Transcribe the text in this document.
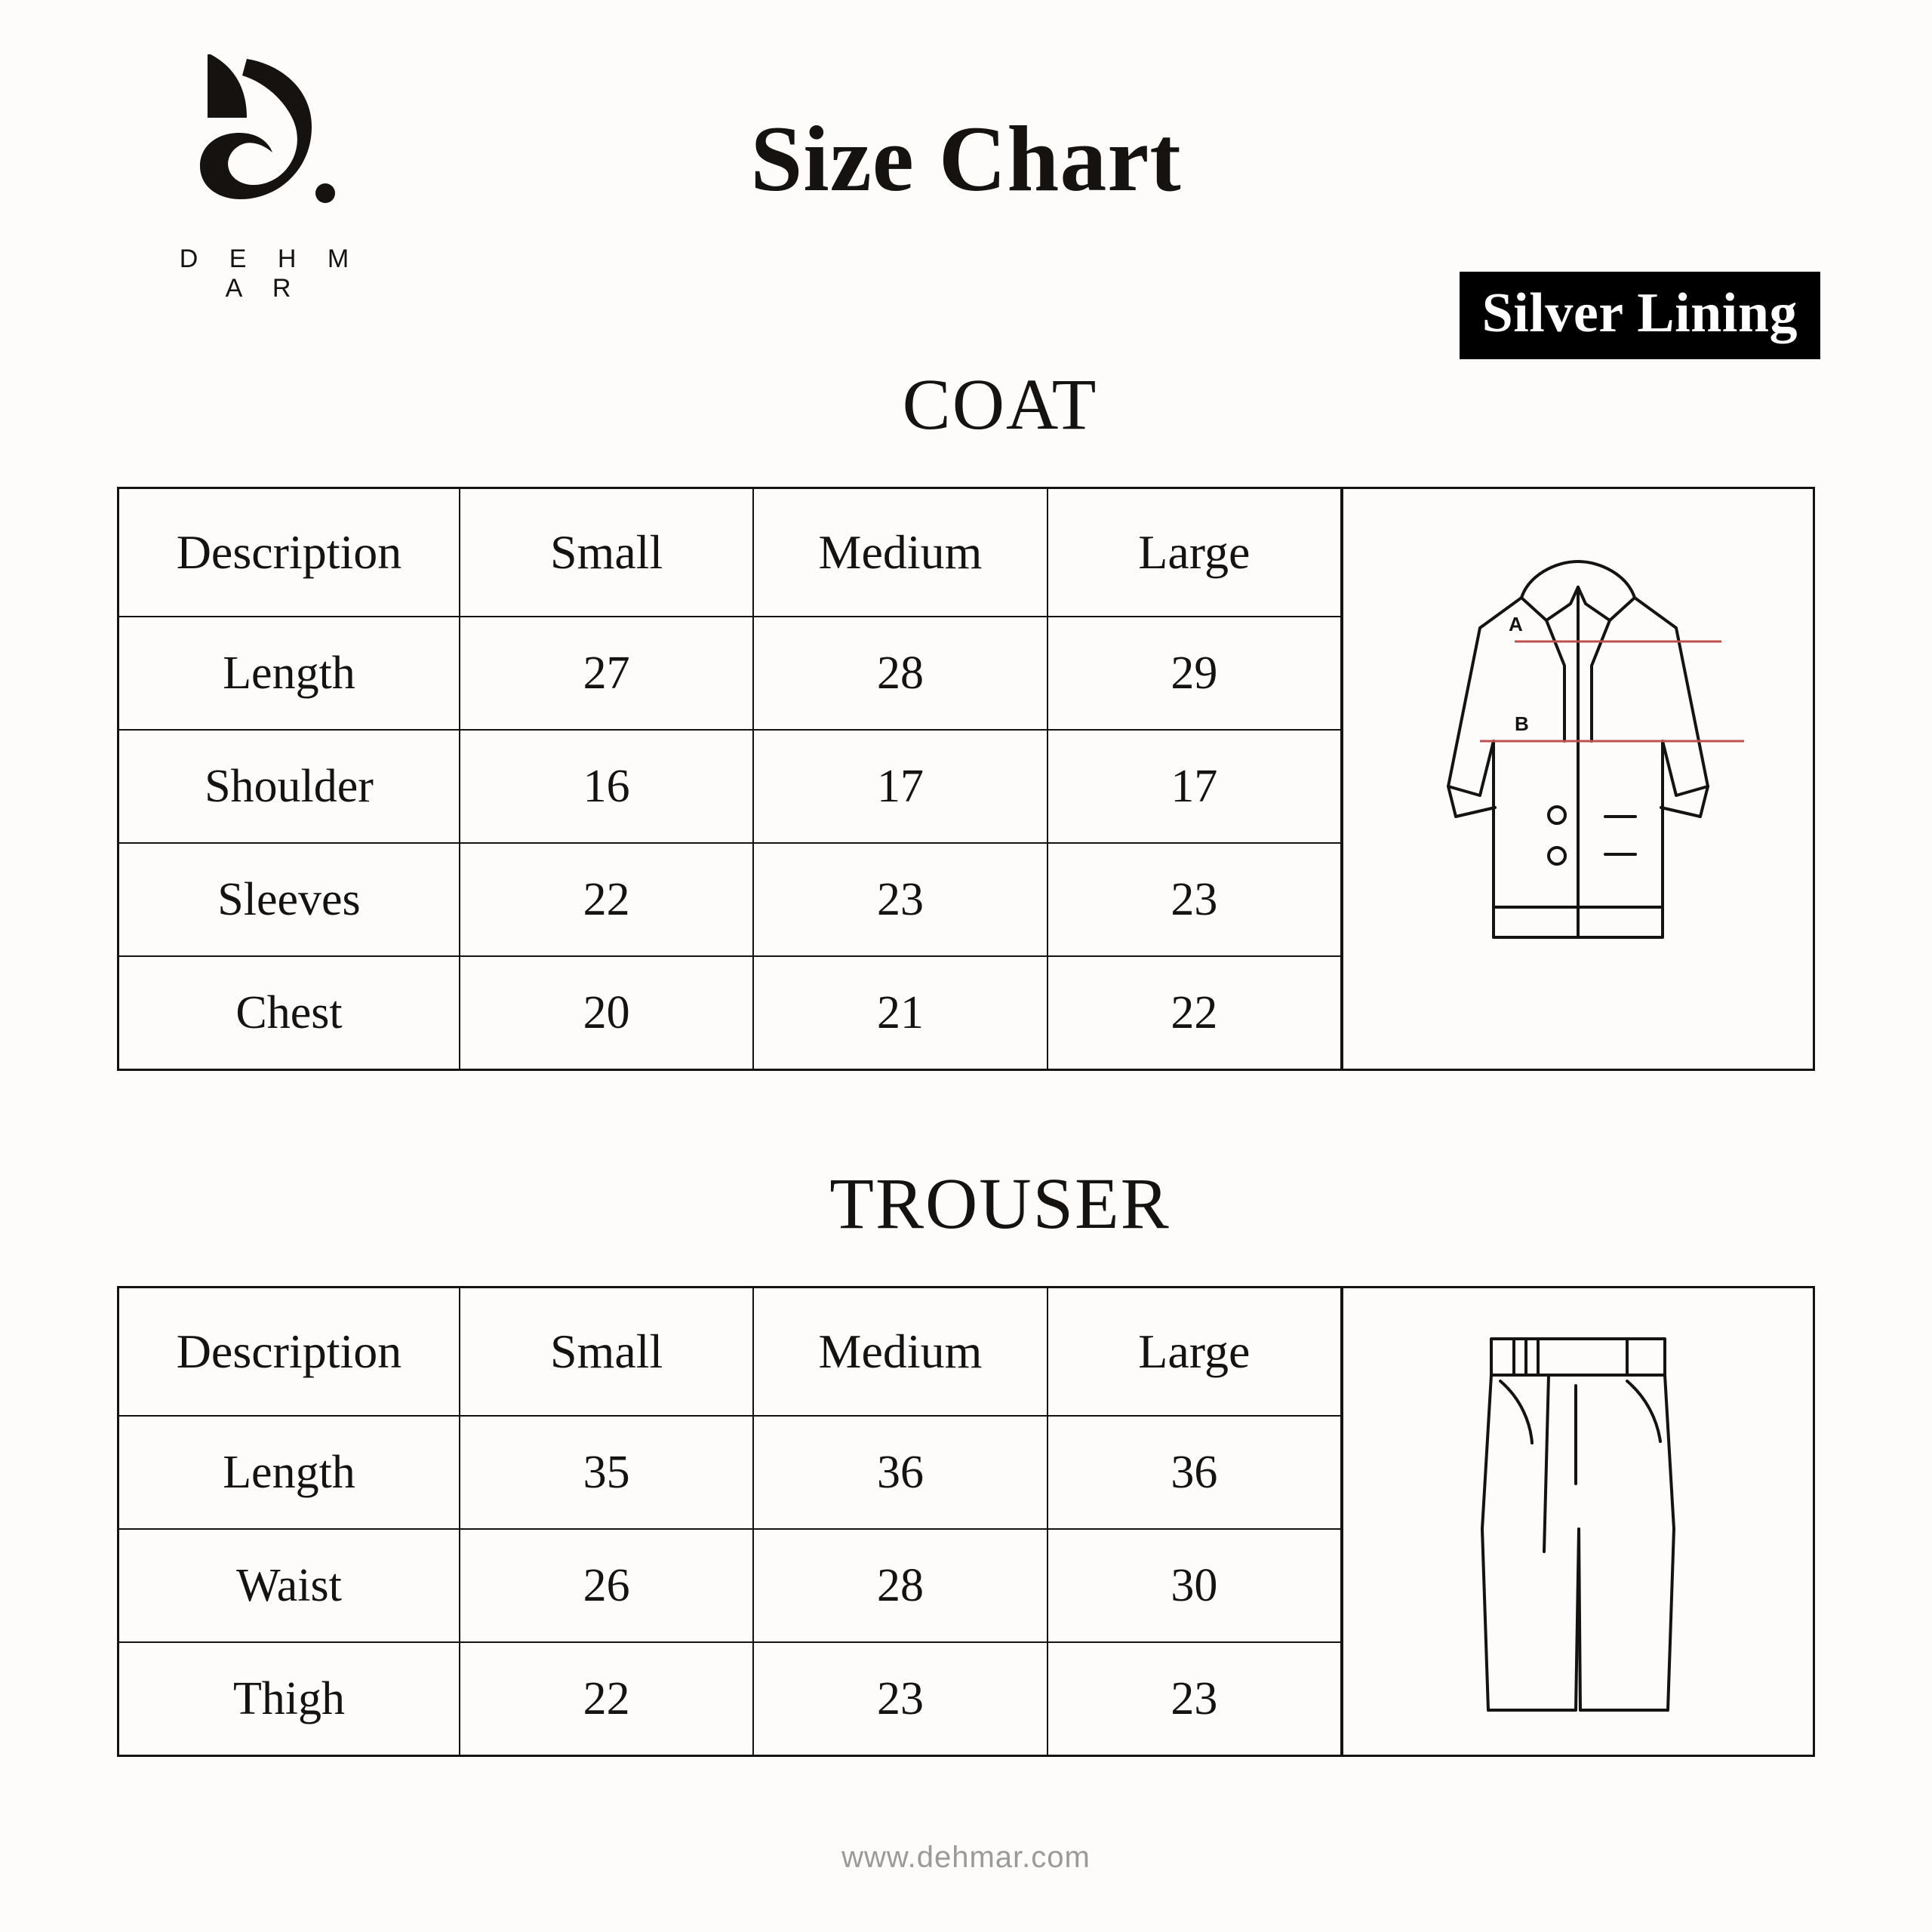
D E H M A R
Size Chart
Silver Lining
COAT
Description	Small	Medium	Large
Length	27	28	29
Shoulder	16	17	17
Sleeves	22	23	23
Chest	20	21	22
A
B
TROUSER
Description	Small	Medium	Large
Length	35	36	36
Waist	26	28	30
Thigh	22	23	23
www.dehmar.com
